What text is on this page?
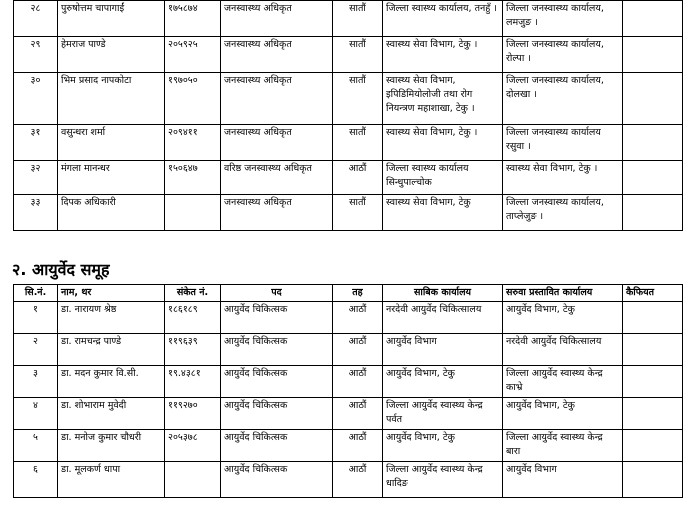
२८	पुरुषोत्तम चापागाईं	१७५८७४	जनस्वास्थ्य अधिकृत	सातौं	जिल्ला स्वास्थ्य कार्यालय, तनहुँ ।	जिल्ला जनस्वास्थ्य कार्यालय, लमजुङ ।	
२९	हेमराज पाण्डे	२०५९२५	जनस्वास्थ्य अधिकृत	सातौं	स्वास्थ्य सेवा विभाग, टेकु ।	जिल्ला जनस्वास्थ्य कार्यालय, रोल्पा ।	
३०	भिम प्रसाद नापकोटा	१९७०५०	जनस्वास्थ्य अधिकृत	सातौं	स्वास्थ्य सेवा विभाग, इपिडिमियोलोजी तथा रोग नियन्त्रण महाशाखा, टेकु ।	जिल्ला जनस्वास्थ्य कार्यालय, दोलखा ।	
३१	वसुन्धरा शर्मा	२०९४११	जनस्वास्थ्य अधिकृत	सातौं	स्वास्थ्य सेवा विभाग, टेकु ।	जिल्ला जनस्वास्थ्य कार्यालय रसुवा ।	
३२	मंगला मानन्धर	१५०६४७	वरिष्ठ जनस्वास्थ्य अधिकृत	आठौं	जिल्ला स्वास्थ्य कार्यालय सिन्धुपाल्चोक	स्वास्थ्य सेवा विभाग, टेकु ।	
३३	दिपक अधिकारी		जनस्वास्थ्य अधिकृत	सातौं	स्वास्थ्य सेवा विभाग, टेकु	जिल्ला जनस्वास्थ्य कार्यालय, ताप्लेजुङ ।	
२. आयुर्वेद समूह
सि.नं.	नाम, थर	संकेत नं.	पद	तह	साबिक कार्यालय	सरुवा प्रस्तावित कार्यालय	कैफियत
१	डा. नारायण श्रेष्ठ	१८६१८९	आयुर्वेद चिकित्सक	आठौं	नरदेवी आयुर्वेद चिकित्सालय	आयुर्वेद विभाग, टेकु	
२	डा. रामचन्द्र पाण्डे	११९६३९	आयुर्वेद चिकित्सक	आठौं	आयुर्वेद विभाग	नरदेवी आयुर्वेद चिकित्सालय	
३	डा. मदन कुमार वि.सी.	१९.४३८१	आयुर्वेद चिकित्सक	आठौं	आयुर्वेद विभाग, टेकु	जिल्ला आयुर्वेद स्वास्थ्य केन्द्र काभ्रे	
४	डा. शोभाराम मुवेदी	११९२७०	आयुर्वेद चिकित्सक	आठौं	जिल्ला आयुर्वेद स्वास्थ्य केन्द्र पर्वत	आयुर्वेद विभाग, टेकु	
५	डा. मनोज कुमार चौधरी	२०५३७८	आयुर्वेद चिकित्सक	आठौं	आयुर्वेद विभाग, टेकु	जिल्ला आयुर्वेद स्वास्थ्य केन्द्र बारा	
६	डा. मूलकर्ण धापा		आयुर्वेद चिकित्सक	आठौं	जिल्ला आयुर्वेद स्वास्थ्य केन्द्र धादिङ	आयुर्वेद विभाग	
